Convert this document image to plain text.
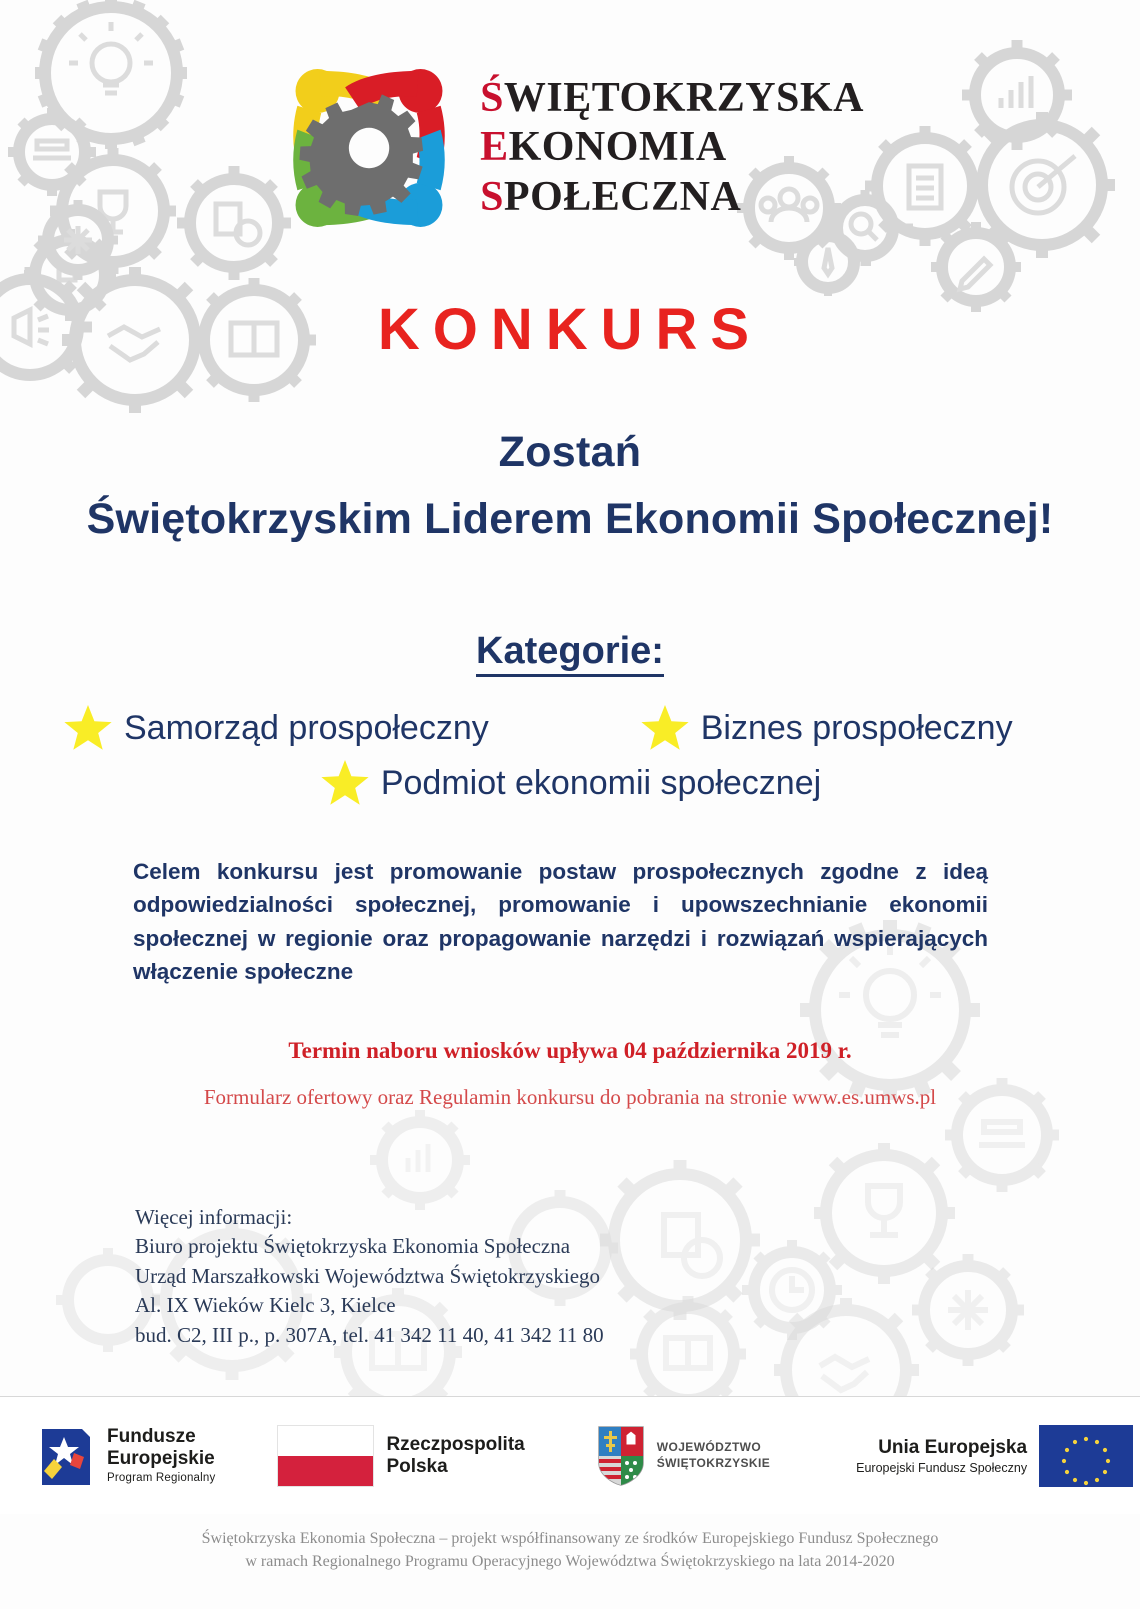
ŚWIĘTOKRZYSKA
EKONOMIA
SPOŁECZNA
KONKURS
Zostań
Świętokrzyskim Liderem Ekonomii Społecznej!
Kategorie:
Samorząd prospołeczny	Biznes prospołeczny
Podmiot ekonomii społecznej
Celem konkursu jest promowanie postaw prospołecznych zgodne z ideą odpowiedzialności społecznej, promowanie i upowszechnianie ekonomii społecznej w regionie oraz propagowanie narzędzi i rozwiązań wspierających włączenie społeczne
Termin naboru wniosków upływa 04 października 2019 r.
Formularz ofertowy oraz Regulamin konkursu do pobrania na stronie www.es.umws.pl
Więcej informacji:
Biuro projektu Świętokrzyska Ekonomia Społeczna
Urząd Marszałkowski Województwa Świętokrzyskiego
Al. IX Wieków Kielc 3, Kielce
bud. C2, III p., p. 307A, tel. 41 342 11 40, 41 342 11 80
Fundusze
Europejskie
Program Regionalny
Rzeczpospolita
Polska
WOJEWÓDZTWO
ŚWIĘTOKRZYSKIE
Unia Europejska
Europejski Fundusz Społeczny
Świętokrzyska Ekonomia Społeczna – projekt współfinansowany ze środków Europejskiego Fundusz Społecznego
w ramach Regionalnego Programu Operacyjnego Województwa Świętokrzyskiego na lata 2014-2020
